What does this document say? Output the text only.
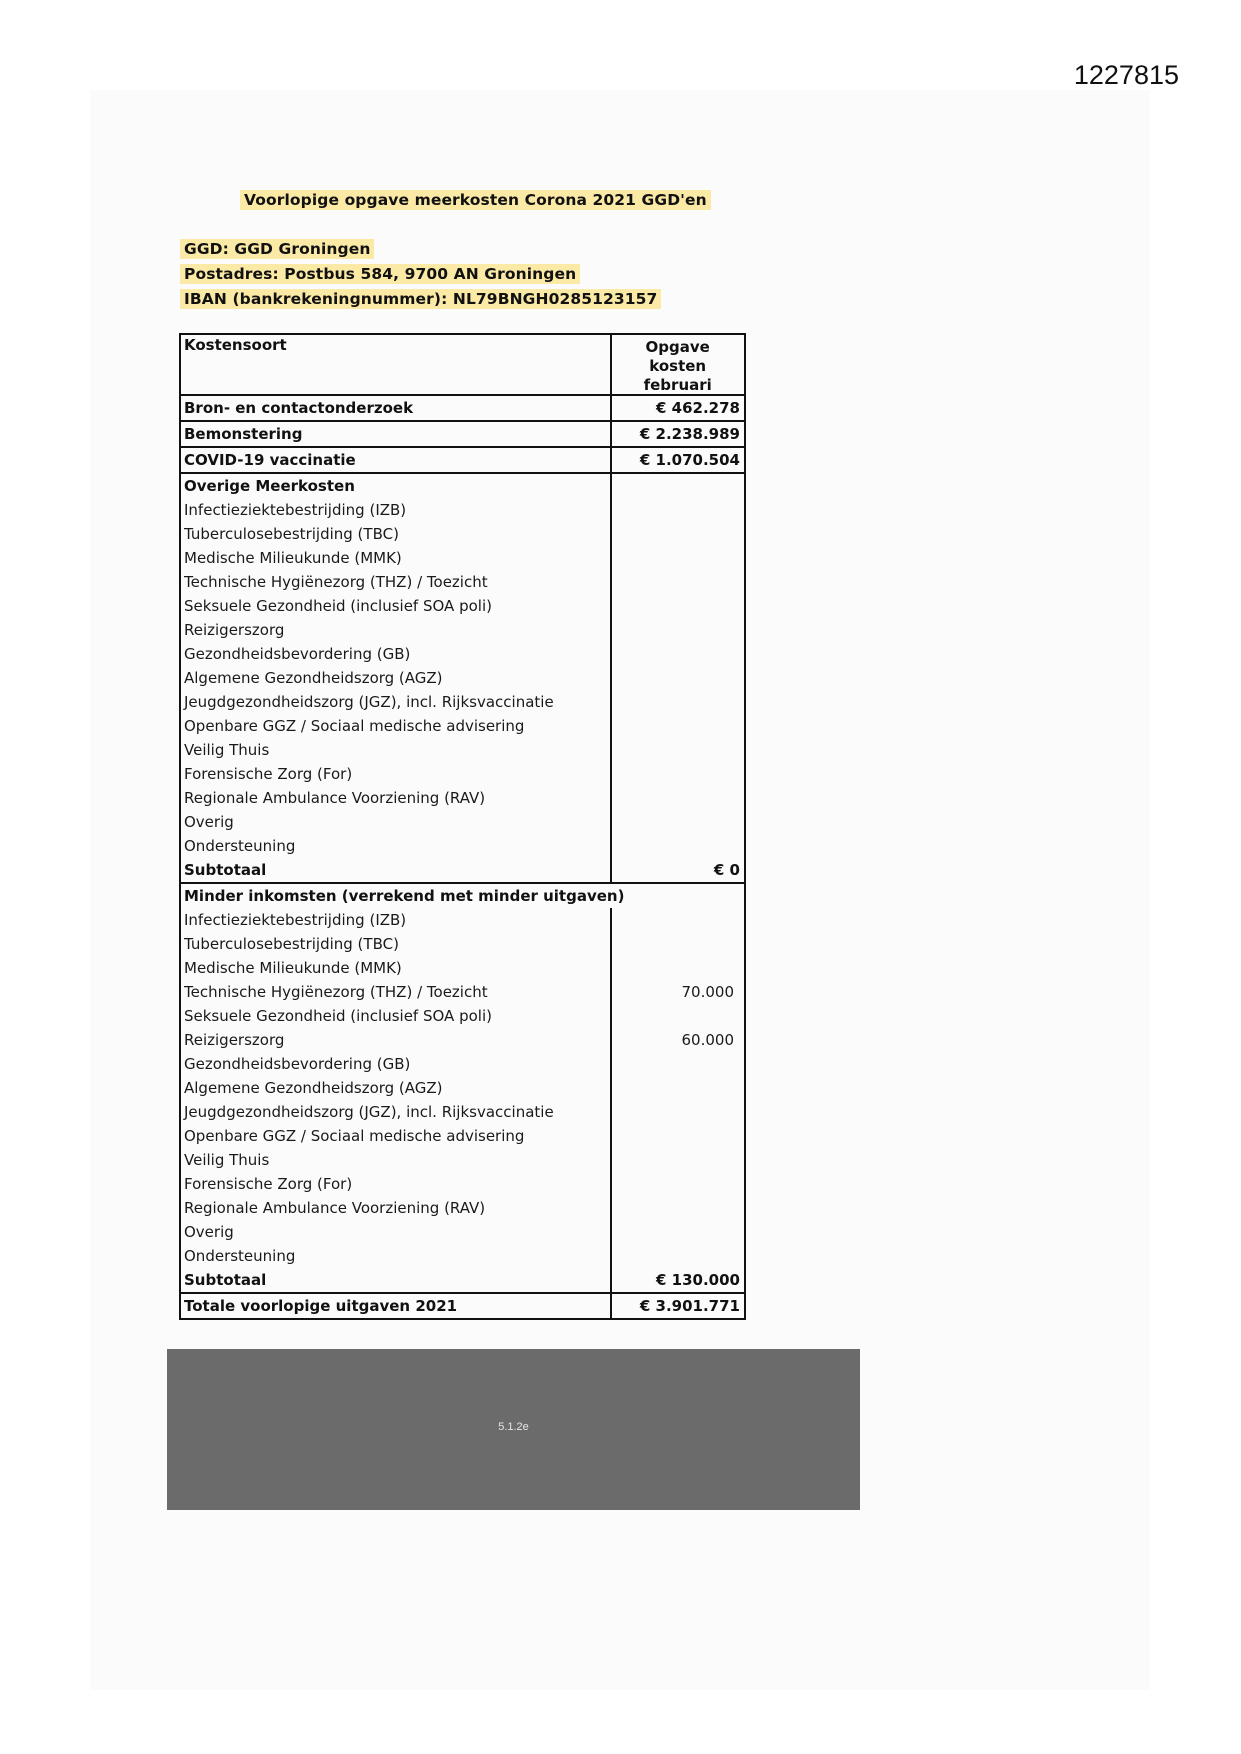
1227815
Voorlopige opgave meerkosten Corona 2021 GGD'en
GGD: GGD Groningen
Postadres: Postbus 584, 9700 AN Groningen
IBAN (bankrekeningnummer): NL79BNGH0285123157
Kostensoort	Opgave
kosten
februari

Bron- en contactonderzoek	€ 462.278
Bemonstering	€ 2.238.989
COVID-19 vaccinatie	€ 1.070.504
Overige Meerkosten	
Infectieziektebestrijding (IZB)	
Tuberculosebestrijding (TBC)	
Medische Milieukunde (MMK)	
Technische Hygiënezorg (THZ) / Toezicht	
Seksuele Gezondheid (inclusief SOA poli)	
Reizigerszorg	
Gezondheidsbevordering (GB)	
Algemene Gezondheidszorg (AGZ)	
Jeugdgezondheidszorg (JGZ), incl. Rijksvaccinatie	
Openbare GGZ / Sociaal medische advisering	
Veilig Thuis	
Forensische Zorg (For)	
Regionale Ambulance Voorziening (RAV)	
Overig	
Ondersteuning	
Subtotaal	€ 0
Minder inkomsten (verrekend met minder uitgaven)	
Infectieziektebestrijding (IZB)	
Tuberculosebestrijding (TBC)	
Medische Milieukunde (MMK)	
Technische Hygiënezorg (THZ) / Toezicht	70.000
Seksuele Gezondheid (inclusief SOA poli)	
Reizigerszorg	60.000
Gezondheidsbevordering (GB)	
Algemene Gezondheidszorg (AGZ)	
Jeugdgezondheidszorg (JGZ), incl. Rijksvaccinatie	
Openbare GGZ / Sociaal medische advisering	
Veilig Thuis	
Forensische Zorg (For)	
Regionale Ambulance Voorziening (RAV)	
Overig	
Ondersteuning	
Subtotaal	€ 130.000
Totale voorlopige uitgaven 2021	€ 3.901.771
5.1.2e
